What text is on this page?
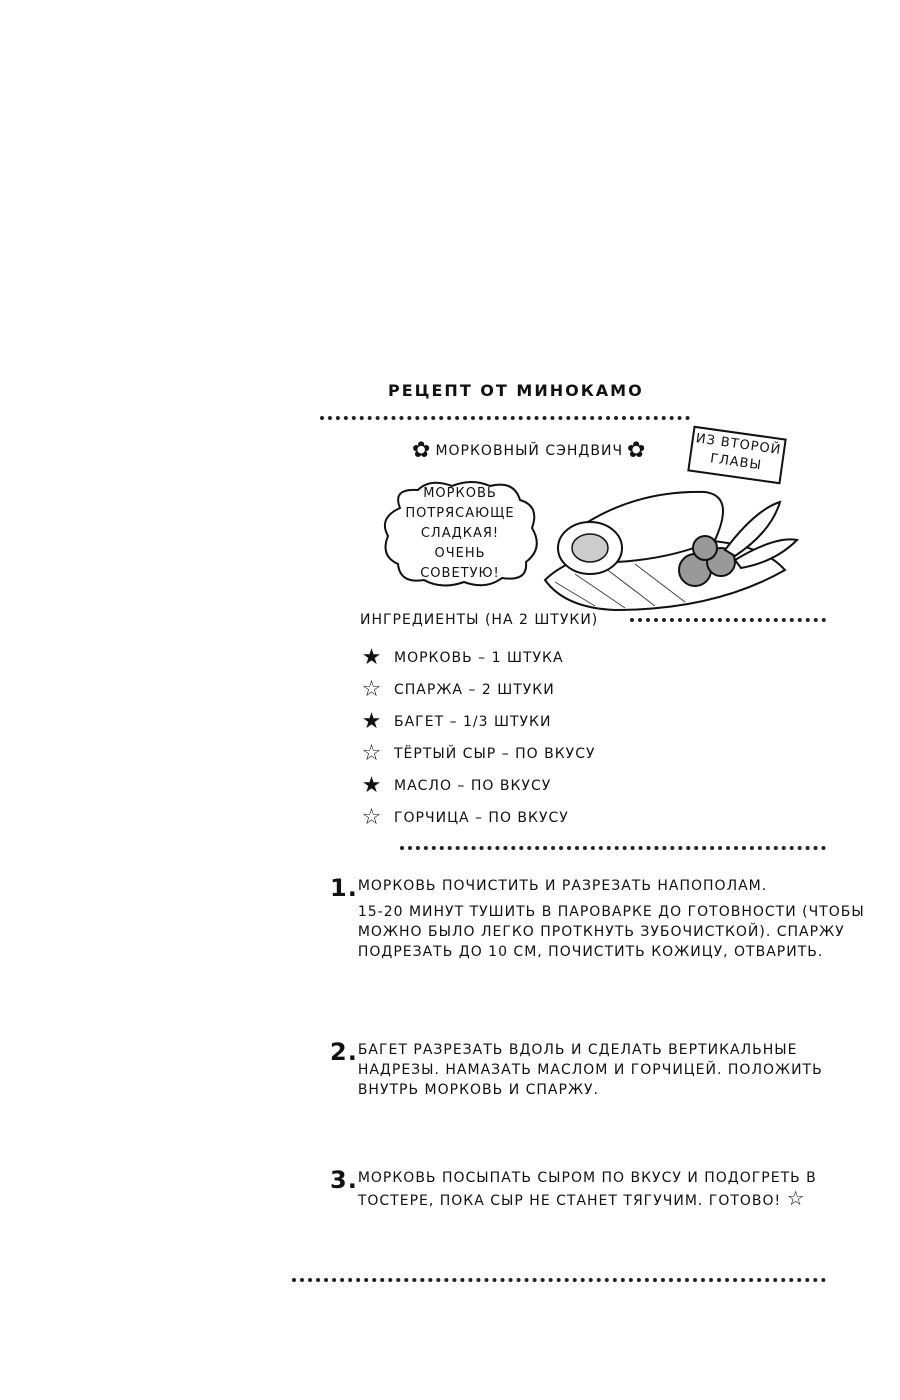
РЕЦЕПТ ОТ МИНОКАМО
✿ МОРКОВНЫЙ СЭНДВИЧ ✿	ИЗ ВТОРОЙ ГЛАВЫ
МОРКОВЬ ПОТРЯСАЮЩЕ СЛАДКАЯ! ОЧЕНЬ СОВЕТУЮ!
ИНГРЕДИЕНТЫ (НА 2 ШТУКИ)
★ МОРКОВЬ – 1 ШТУКА
☆ СПАРЖА – 2 ШТУКИ
★ БАГЕТ – 1/3 ШТУКИ
☆ ТЁРТЫЙ СЫР – ПО ВКУСУ
★ МАСЛО – ПО ВКУСУ
☆ ГОРЧИЦА – ПО ВКУСУ
1. МОРКОВЬ ПОЧИСТИТЬ И РАЗРЕЗАТЬ НАПОПОЛАМ.

15-20 МИНУТ ТУШИТЬ В ПАРОВАРКЕ ДО ГОТОВНОСТИ (ЧТОБЫ МОЖНО БЫЛО ЛЕГКО ПРОТКНУТЬ ЗУБОЧИСТКОЙ). СПАРЖУ ПОДРЕЗАТЬ ДО 10 СМ, ПОЧИСТИТЬ КОЖИЦУ, ОТВАРИТЬ.

2. БАГЕТ РАЗРЕЗАТЬ ВДОЛЬ И СДЕЛАТЬ ВЕРТИКАЛЬНЫЕ НАДРЕЗЫ. НАМАЗАТЬ МАСЛОМ И ГОРЧИЦЕЙ. ПОЛОЖИТЬ ВНУТРЬ МОРКОВЬ И СПАРЖУ.

3. МОРКОВЬ ПОСЫПАТЬ СЫРОМ ПО ВКУСУ И ПОДОГРЕТЬ В ТОСТЕРЕ, ПОКА СЫР НЕ СТАНЕТ ТЯГУЧИМ. ГОТОВО! ☆
